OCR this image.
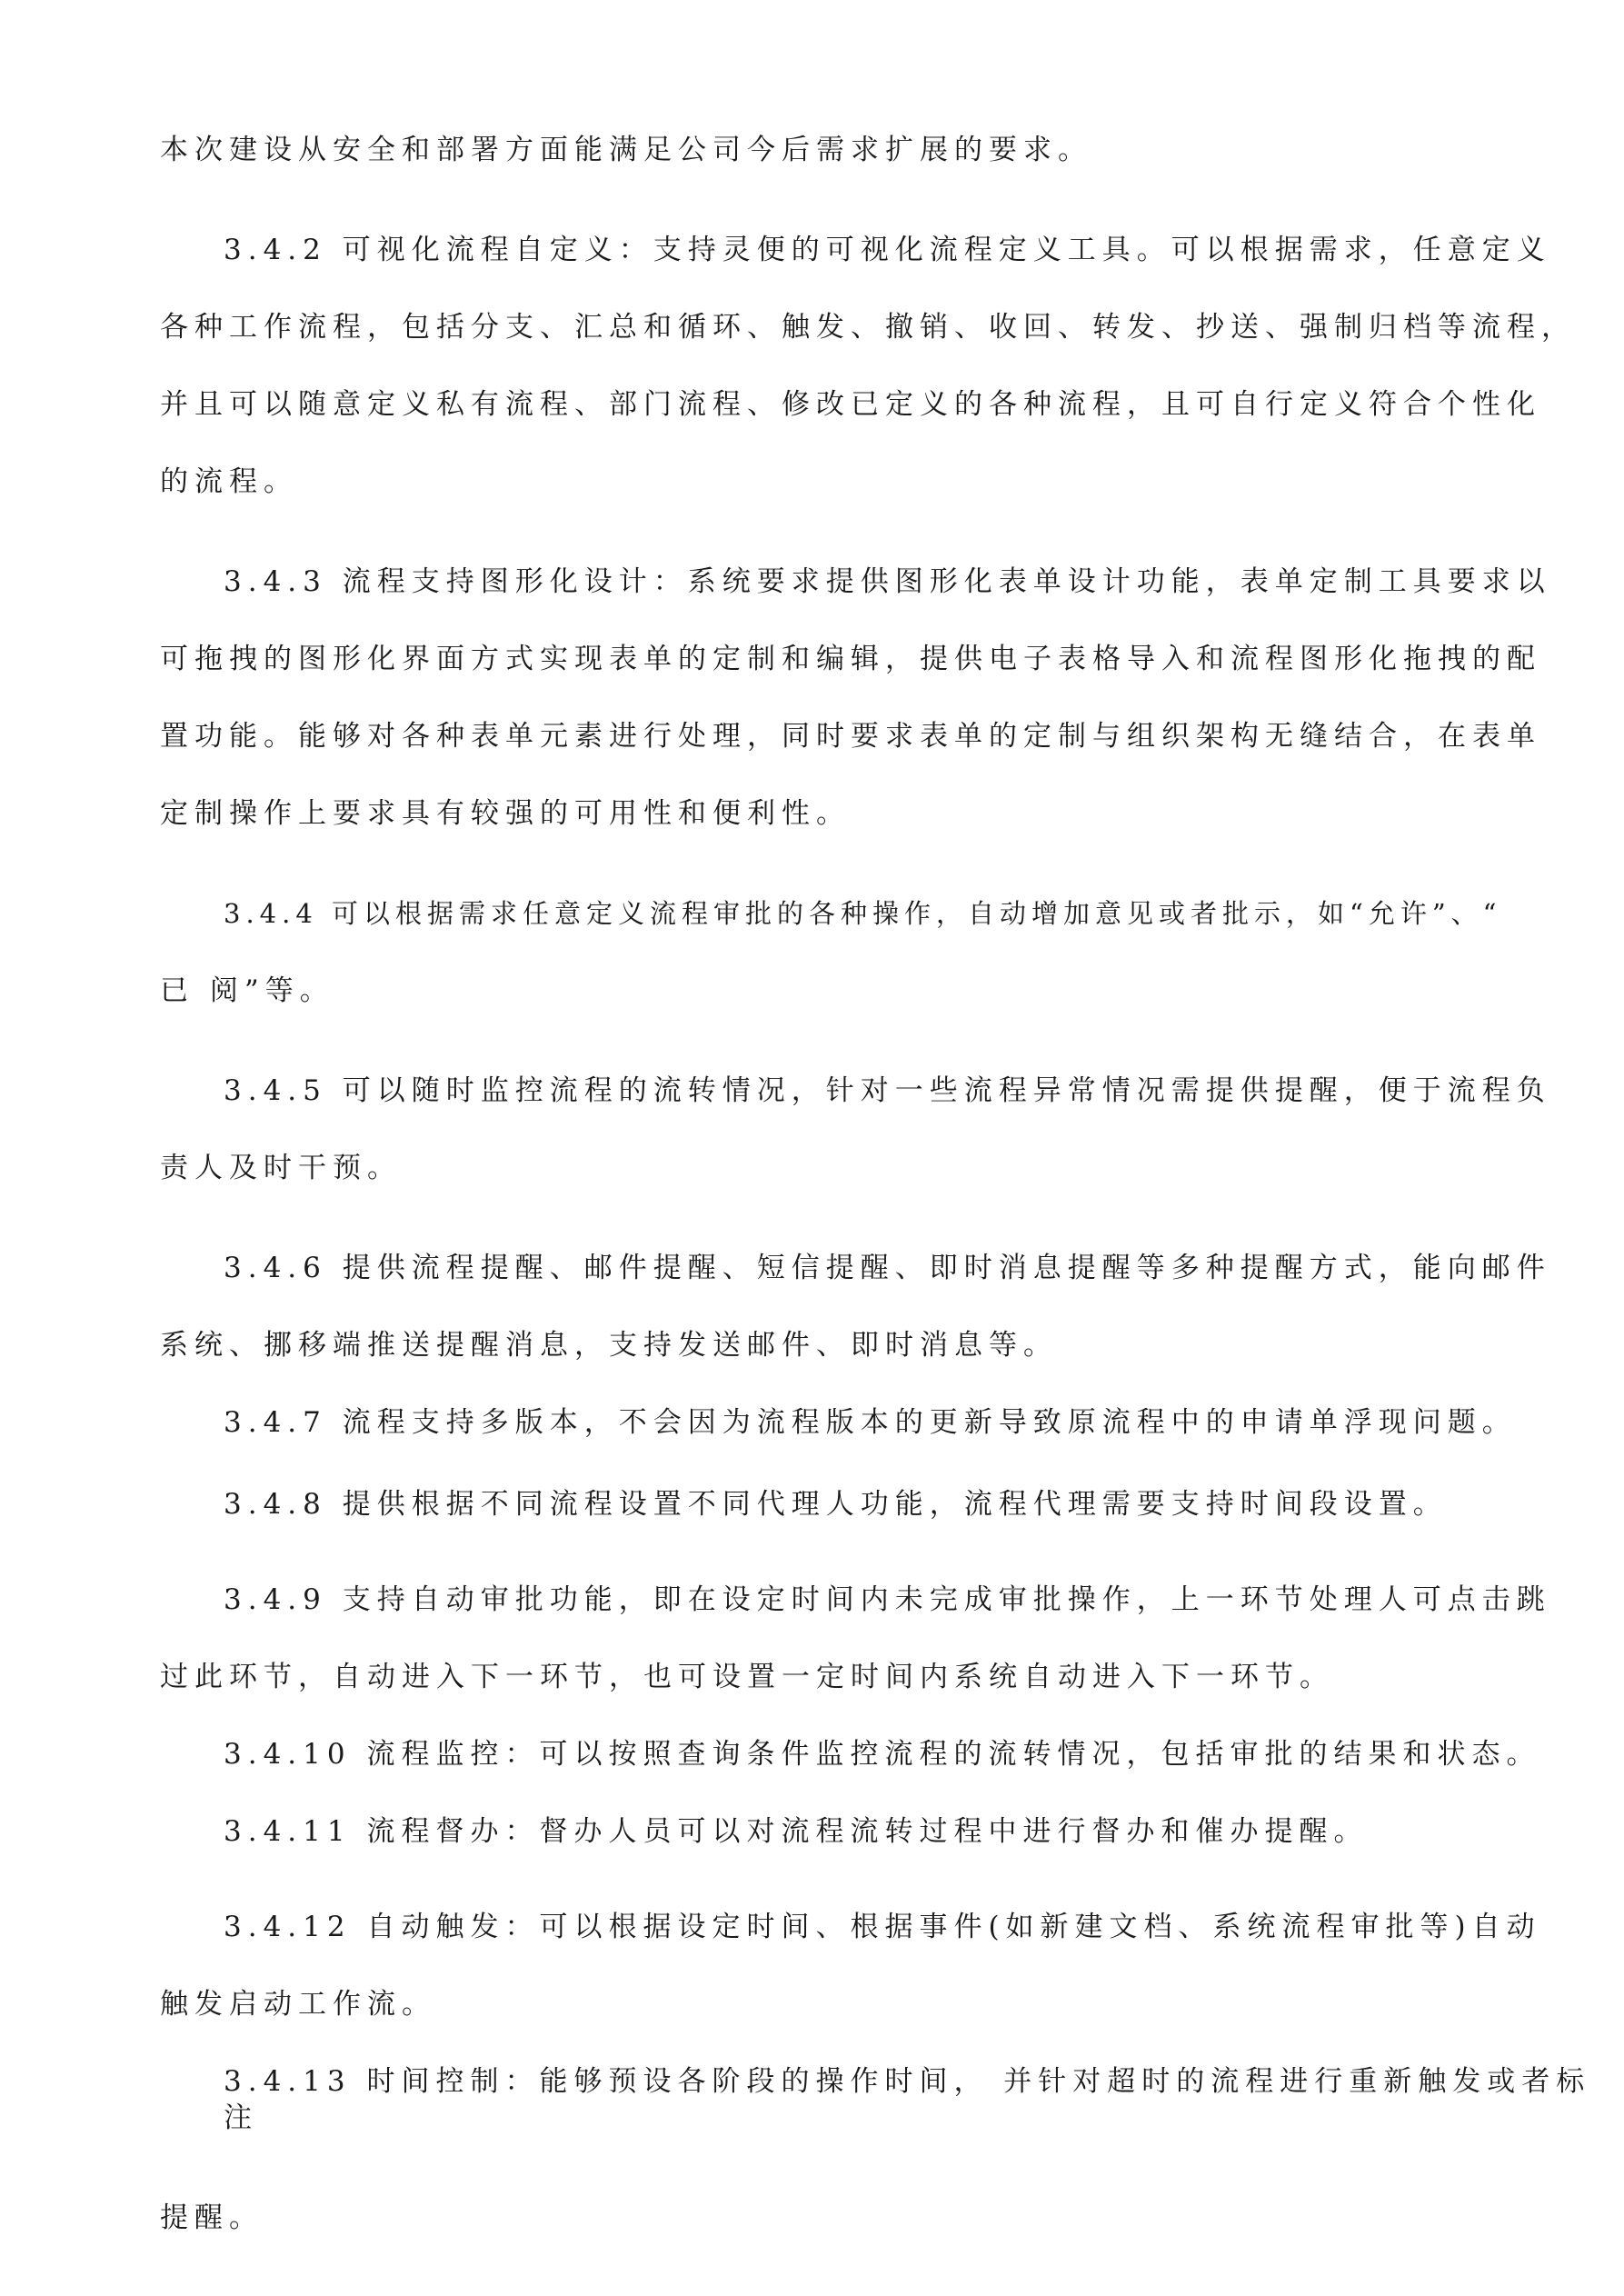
本次建设从安全和部署方面能满足公司今后需求扩展的要求。

3.4.2 可视化流程自定义：支持灵便的可视化流程定义工具。可以根据需求，任意定义

各种工作流程，包括分支、汇总和循环、触发、撤销、收回、转发、抄送、强制归档等流程，

并且可以随意定义私有流程、部门流程、修改已定义的各种流程，且可自行定义符合个性化

的流程。

3.4.3 流程支持图形化设计：系统要求提供图形化表单设计功能，表单定制工具要求以

可拖拽的图形化界面方式实现表单的定制和编辑，提供电子表格导入和流程图形化拖拽的配

置功能。能够对各种表单元素进行处理，同时要求表单的定制与组织架构无缝结合，在表单

定制操作上要求具有较强的可用性和便利性。

3.4.4 可以根据需求任意定义流程审批的各种操作，自动增加意见或者批示，如“允许”、“

已 阅”等。

3.4.5 可以随时监控流程的流转情况，针对一些流程异常情况需提供提醒，便于流程负

责人及时干预。

3.4.6 提供流程提醒、邮件提醒、短信提醒、即时消息提醒等多种提醒方式，能向邮件

系统、挪移端推送提醒消息，支持发送邮件、即时消息等。

3.4.7 流程支持多版本，不会因为流程版本的更新导致原流程中的申请单浮现问题。

3.4.8 提供根据不同流程设置不同代理人功能，流程代理需要支持时间段设置。

3.4.9 支持自动审批功能，即在设定时间内未完成审批操作，上一环节处理人可点击跳

过此环节，自动进入下一环节，也可设置一定时间内系统自动进入下一环节。

3.4.10 流程监控：可以按照查询条件监控流程的流转情况，包括审批的结果和状态。

3.4.11 流程督办：督办人员可以对流程流转过程中进行督办和催办提醒。

3.4.12 自动触发：可以根据设定时间、根据事件(如新建文档、系统流程审批等)自动

触发启动工作流。

3.4.13 时间控制：能够预设各阶段的操作时间， 并针对超时的流程进行重新触发或者标

注

提醒。
